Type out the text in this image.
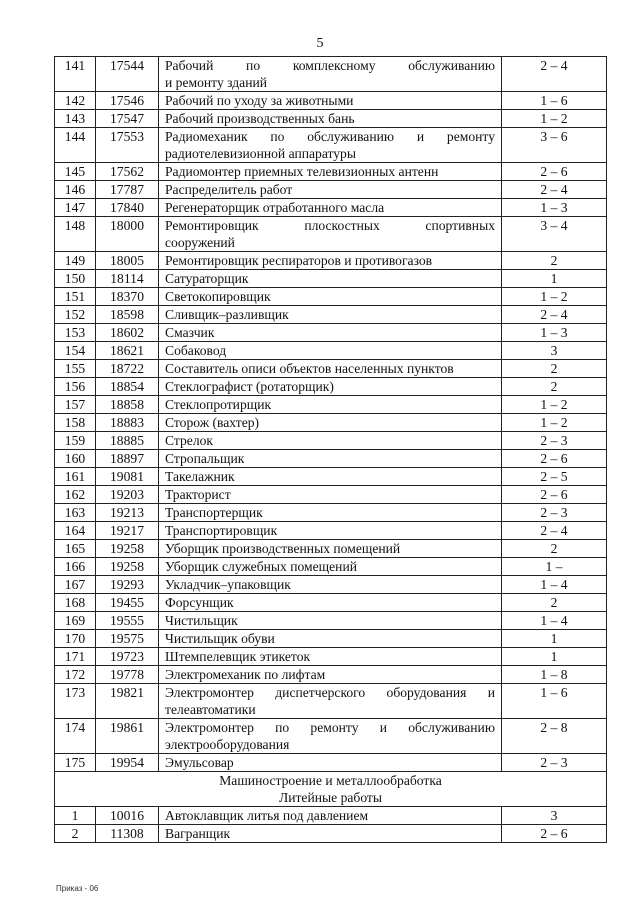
5
141	17544	Рабочий по комплексному обслуживанию
и ремонту зданий	2 – 4
142	17546	Рабочий по уходу за животными	1 – 6
143	17547	Рабочий производственных бань	1 – 2
144	17553	Радиомеханик по обслуживанию и ремонту
радиотелевизионной аппаратуры	3 – 6
145	17562	Радиомонтер приемных телевизионных антенн	2 – 6
146	17787	Распределитель работ	2 – 4
147	17840	Регенераторщик отработанного масла	1 – 3
148	18000	Ремонтировщик плоскостных спортивных
сооружений	3 – 4
149	18005	Ремонтировщик респираторов и противогазов	2
150	18114	Сатураторщик	1
151	18370	Светокопировщик	1 – 2
152	18598	Сливщик–разливщик	2 – 4
153	18602	Смазчик	1 – 3
154	18621	Собаковод	3
155	18722	Составитель описи объектов населенных пунктов	2
156	18854	Стеклографист (ротаторщик)	2
157	18858	Стеклопротирщик	1 – 2
158	18883	Сторож (вахтер)	1 – 2
159	18885	Стрелок	2 – 3
160	18897	Стропальщик	2 – 6
161	19081	Такелажник	2 – 5
162	19203	Тракторист	2 – 6
163	19213	Транспортерщик	2 – 3
164	19217	Транспортировщик	2 – 4
165	19258	Уборщик производственных помещений	2
166	19258	Уборщик служебных помещений	1 –
167	19293	Укладчик–упаковщик	1 – 4
168	19455	Форсунщик	2
169	19555	Чистильщик	1 – 4
170	19575	Чистильщик обуви	1
171	19723	Штемпелевщик этикеток	1
172	19778	Электромеханик по лифтам	1 – 8
173	19821	Электромонтер диспетчерского оборудования и
телеавтоматики	1 – 6
174	19861	Электромонтер по ремонту и обслуживанию
электрооборудования	2 – 8
175	19954	Эмульсовар	2 – 3

Машиностроение и металлообработка
Литейные работы			

1	10016	Автоклавщик литья под давлением	3
2	11308	Вагранщик	2 – 6
Приказ - 06
